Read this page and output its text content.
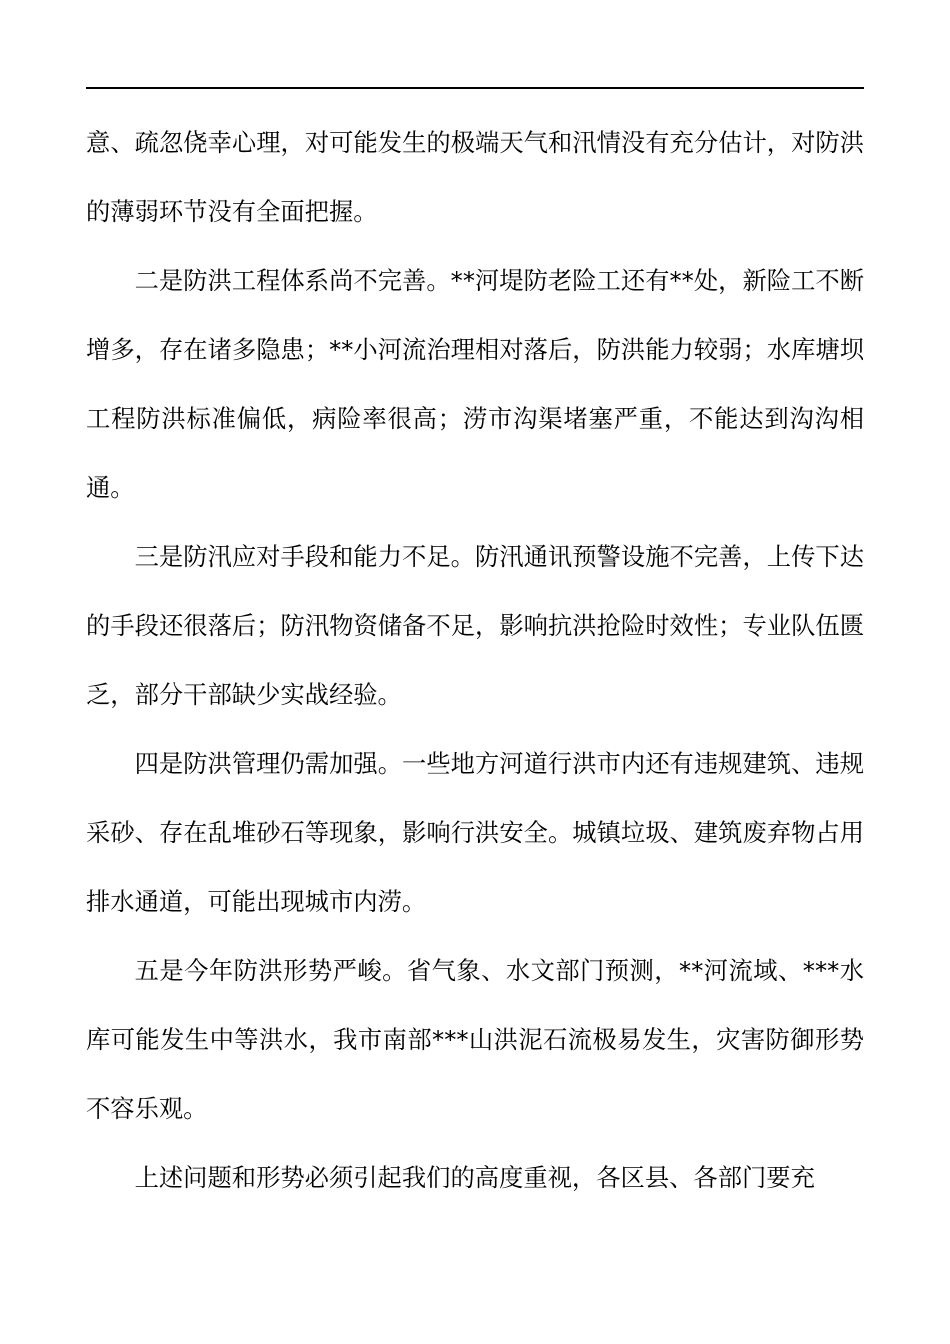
意、疏忽侥幸心理，对可能发生的极端天气和汛情没有充分估计，对防洪的薄弱环节没有全面把握。

二是防洪工程体系尚不完善。**河堤防老险工还有**处，新险工不断增多，存在诸多隐患；**小河流治理相对落后，防洪能力较弱；水库塘坝工程防洪标准偏低，病险率很高；涝市沟渠堵塞严重，不能达到沟沟相通。

三是防汛应对手段和能力不足。防汛通讯预警设施不完善，上传下达的手段还很落后；防汛物资储备不足，影响抗洪抢险时效性；专业队伍匮乏，部分干部缺少实战经验。

四是防洪管理仍需加强。一些地方河道行洪市内还有违规建筑、违规采砂、存在乱堆砂石等现象，影响行洪安全。城镇垃圾、建筑废弃物占用排水通道，可能出现城市内涝。

五是今年防洪形势严峻。省气象、水文部门预测，**河流域、***水库可能发生中等洪水，我市南部***山洪泥石流极易发生，灾害防御形势不容乐观。

上述问题和形势必须引起我们的高度重视，各区县、各部门要充
